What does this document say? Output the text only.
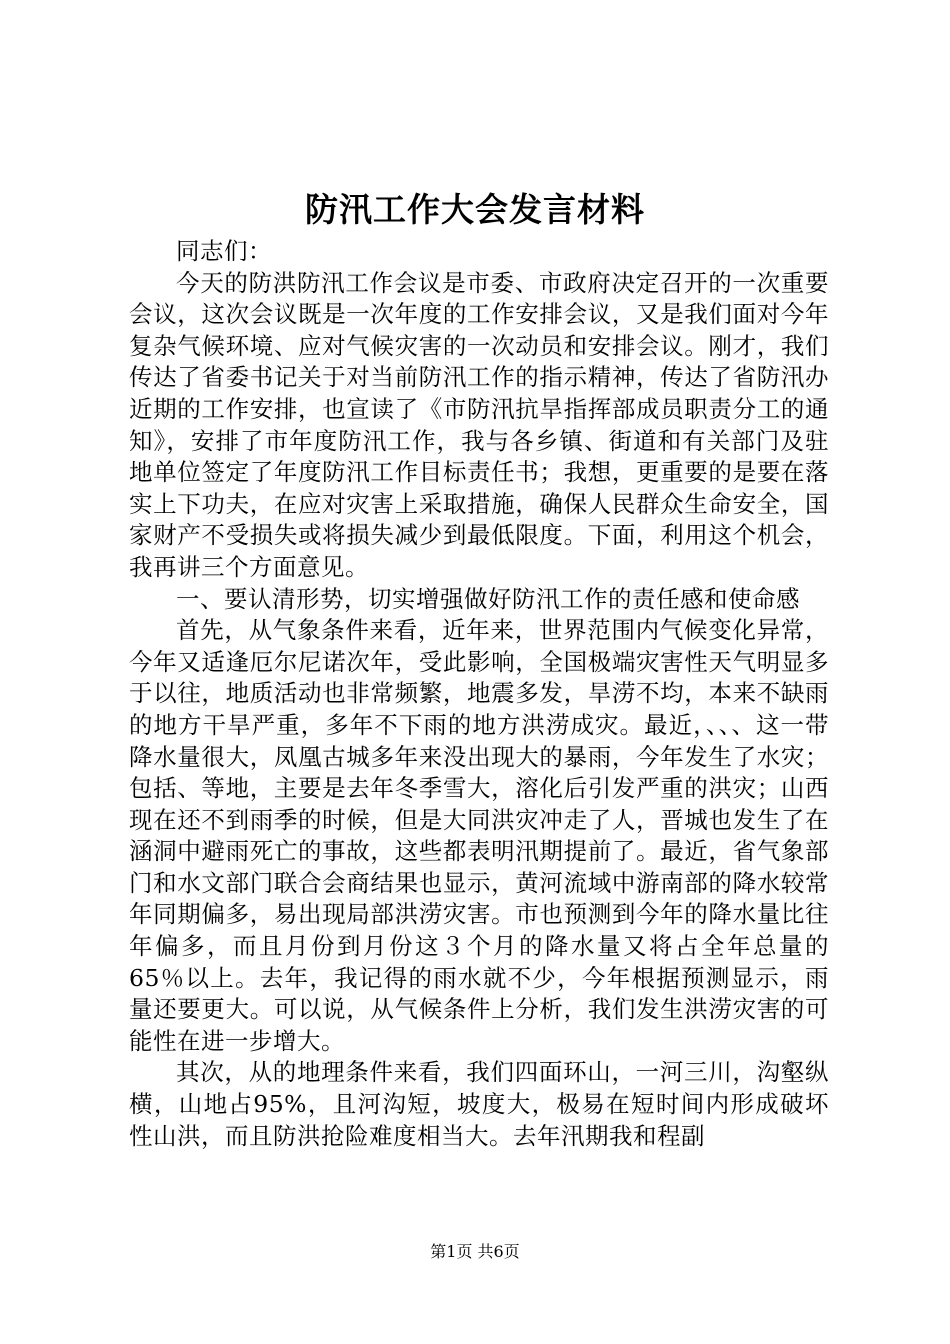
防汛工作大会发言材料

同志们：

今天的防洪防汛工作会议是市委、市政府决定召开的一次重要会议，这次会议既是一次年度的工作安排会议，又是我们面对今年复杂气候环境、应对气候灾害的一次动员和安排会议。刚才，我们传达了省委书记关于对当前防汛工作的指示精神，传达了省防汛办近期的工作安排，也宣读了《市防汛抗旱指挥部成员职责分工的通知》，安排了市年度防汛工作，我与各乡镇、街道和有关部门及驻地单位签定了年度防汛工作目标责任书；我想，更重要的是要在落实上下功夫，在应对灾害上采取措施，确保人民群众生命安全，国家财产不受损失或将损失减少到最低限度。下面，利用这个机会，我再讲三个方面意见。

一、要认清形势，切实增强做好防汛工作的责任感和使命感

首先，从气象条件来看，近年来，世界范围内气候变化异常，今年又适逢厄尔尼诺次年，受此影响，全国极端灾害性天气明显多于以往，地质活动也非常频繁，地震多发，旱涝不均，本来不缺雨的地方干旱严重，多年不下雨的地方洪涝成灾。最近，、、、这一带降水量很大，凤凰古城多年来没出现大的暴雨，今年发生了水灾；包括、等地，主要是去年冬季雪大，溶化后引发严重的洪灾；山西现在还不到雨季的时候，但是大同洪灾冲走了人，晋城也发生了在涵洞中避雨死亡的事故，这些都表明汛期提前了。最近，省气象部门和水文部门联合会商结果也显示，黄河流域中游南部的降水较常年同期偏多，易出现局部洪涝灾害。市也预测到今年的降水量比往年偏多，而且月份到月份这３个月的降水量又将占全年总量的65％以上。去年，我记得的雨水就不少，今年根据预测显示，雨量还要更大。可以说，从气候条件上分析，我们发生洪涝灾害的可能性在进一步增大。

其次，从的地理条件来看，我们四面环山，一河三川，沟壑纵横，山地占95%，且河沟短，坡度大，极易在短时间内形成破坏性山洪，而且防洪抢险难度相当大。去年汛期我和程副

第1页 共6页
